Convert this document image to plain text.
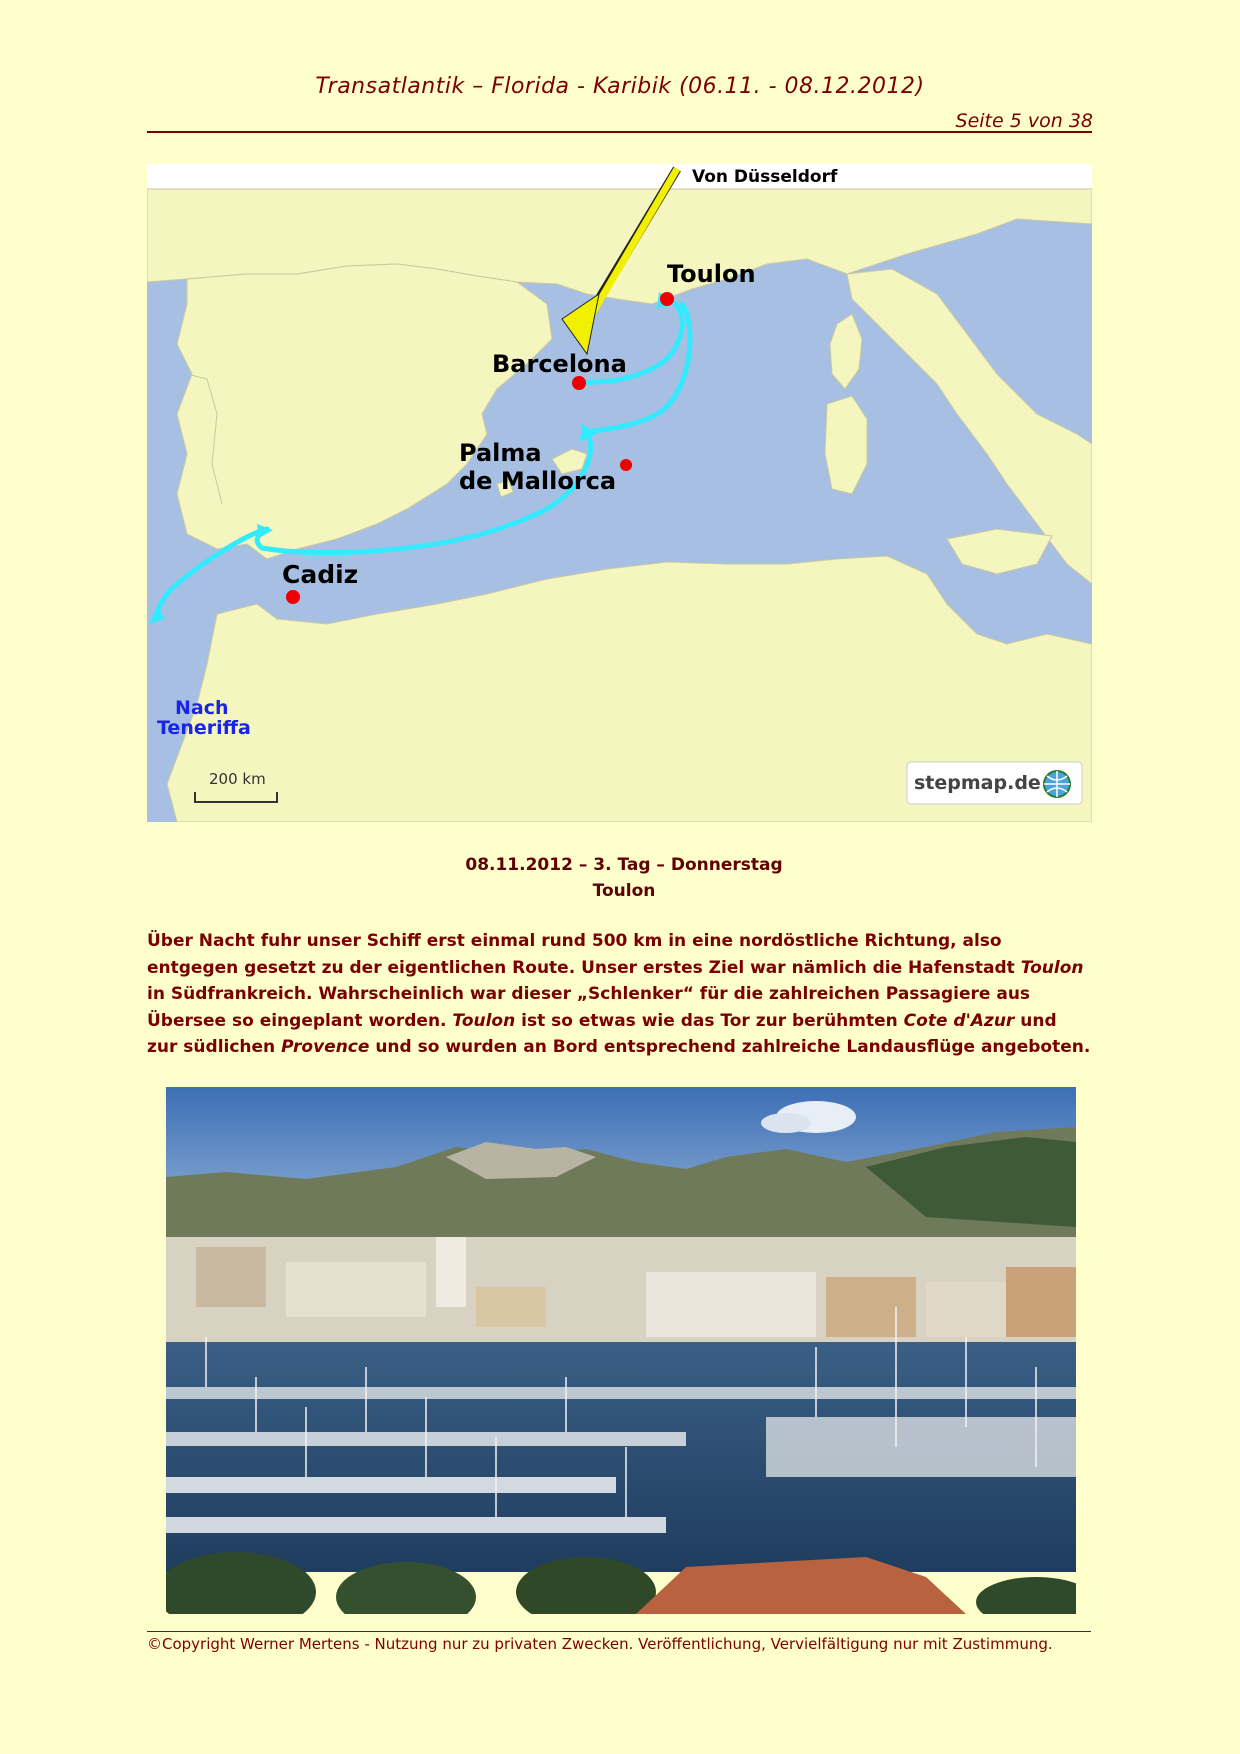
Transatlantik – Florida - Karibik (06.11. - 08.12.2012)
Seite 5 von 38
Von Düsseldorf
Toulon
Barcelona
Palma
de Mallorca
Cadiz
Nach
Teneriffa
200 km	stepmap.de
08.11.2012 – 3. Tag – Donnerstag
Toulon
Über Nacht fuhr unser Schiff erst einmal rund 500 km in eine nordöstliche Richtung, also entgegen gesetzt zu der eigentlichen Route. Unser erstes Ziel war nämlich die Hafenstadt Toulon in Südfrankreich. Wahrscheinlich war dieser „Schlenker“ für die zahlreichen Passagiere aus Übersee so eingeplant worden. Toulon ist so etwas wie das Tor zur berühmten Cote d'Azur und zur südlichen Provence und so wurden an Bord entsprechend zahlreiche Landausflüge angeboten.
©Copyright Werner Mertens - Nutzung nur zu privaten Zwecken. Veröffentlichung, Vervielfältigung nur mit Zustimmung.
